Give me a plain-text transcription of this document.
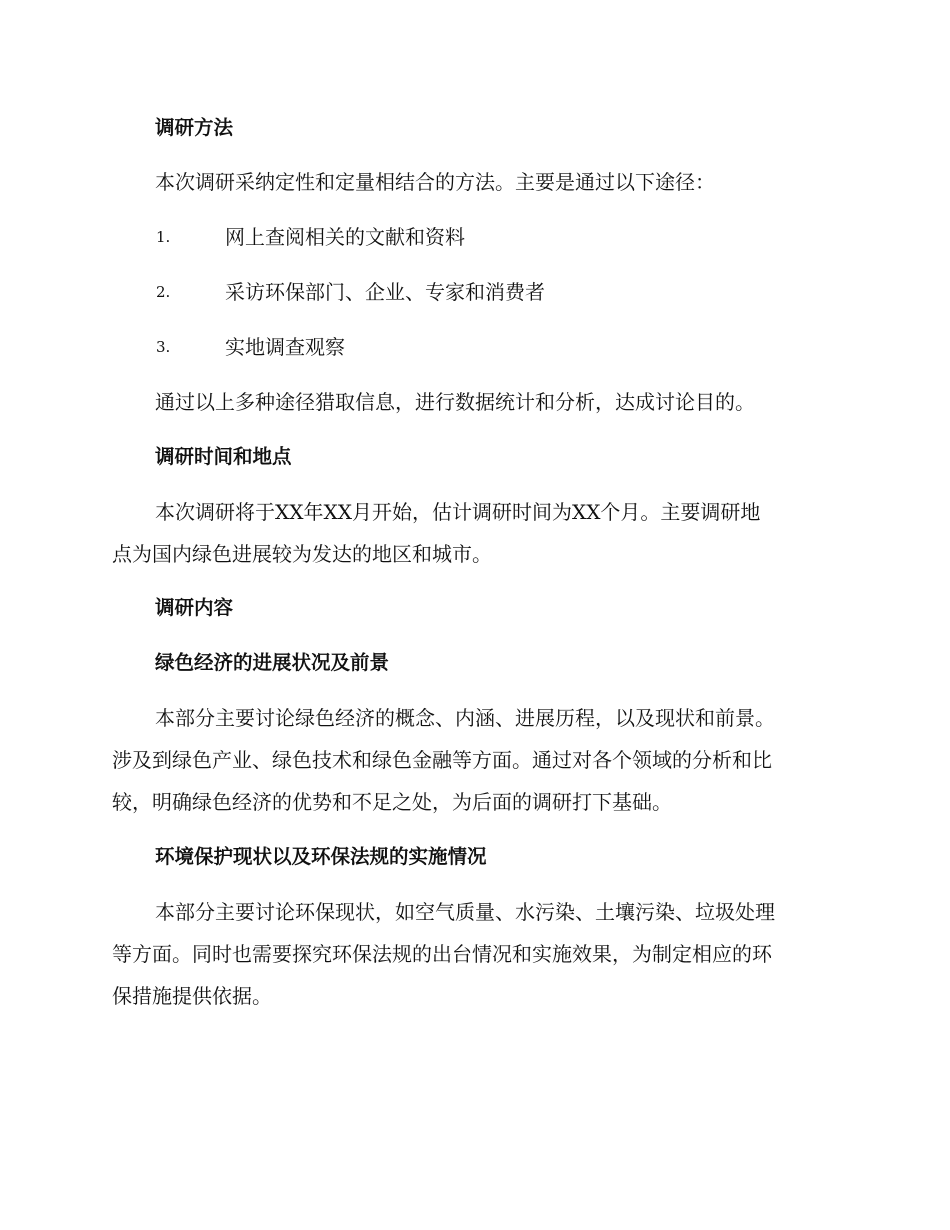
调研方法
本次调研采纳定性和定量相结合的方法。主要是通过以下途径：
1.	网上查阅相关的文献和资料
2.	采访环保部门、企业、专家和消费者
3.	实地调查观察
通过以上多种途径猎取信息，进行数据统计和分析，达成讨论目的。
调研时间和地点
本次调研将于XX年XX月开始，估计调研时间为XX个月。主要调研地
点为国内绿色进展较为发达的地区和城市。
调研内容
绿色经济的进展状况及前景
本部分主要讨论绿色经济的概念、内涵、进展历程，以及现状和前景。
涉及到绿色产业、绿色技术和绿色金融等方面。通过对各个领域的分析和比
较，明确绿色经济的优势和不足之处，为后面的调研打下基础。
环境保护现状以及环保法规的实施情况
本部分主要讨论环保现状，如空气质量、水污染、土壤污染、垃圾处理
等方面。同时也需要探究环保法规的出台情况和实施效果，为制定相应的环
保措施提供依据。
